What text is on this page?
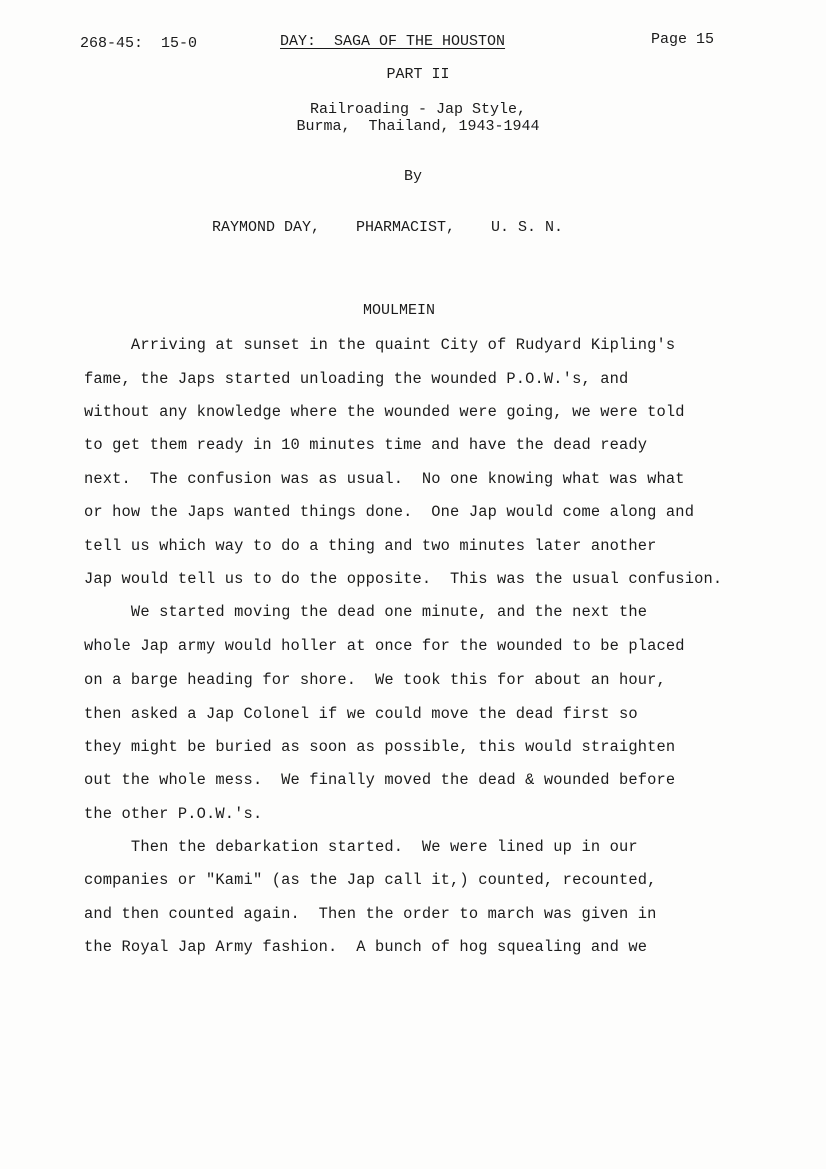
268-45:  15-0	DAY:  SAGA OF THE HOUSTON	Page 15
PART II
Railroading - Jap Style,
Burma,  Thailand, 1943-1944
By
RAYMOND DAY,    PHARMACIST,    U. S. N.
MOULMEIN
Arriving at sunset in the quaint City of Rudyard Kipling's
fame, the Japs started unloading the wounded P.O.W.'s, and
without any knowledge where the wounded were going, we were told
to get them ready in 10 minutes time and have the dead ready
next.  The confusion was as usual.  No one knowing what was what
or how the Japs wanted things done.  One Jap would come along and
tell us which way to do a thing and two minutes later another
Jap would tell us to do the opposite.  This was the usual confusion.
We started moving the dead one minute, and the next the
whole Jap army would holler at once for the wounded to be placed
on a barge heading for shore.  We took this for about an hour,
then asked a Jap Colonel if we could move the dead first so
they might be buried as soon as possible, this would straighten
out the whole mess.  We finally moved the dead & wounded before
the other P.O.W.'s.
Then the debarkation started.  We were lined up in our
companies or "Kami" (as the Jap call it,) counted, recounted,
and then counted again.  Then the order to march was given in
the Royal Jap Army fashion.  A bunch of hog squealing and we
